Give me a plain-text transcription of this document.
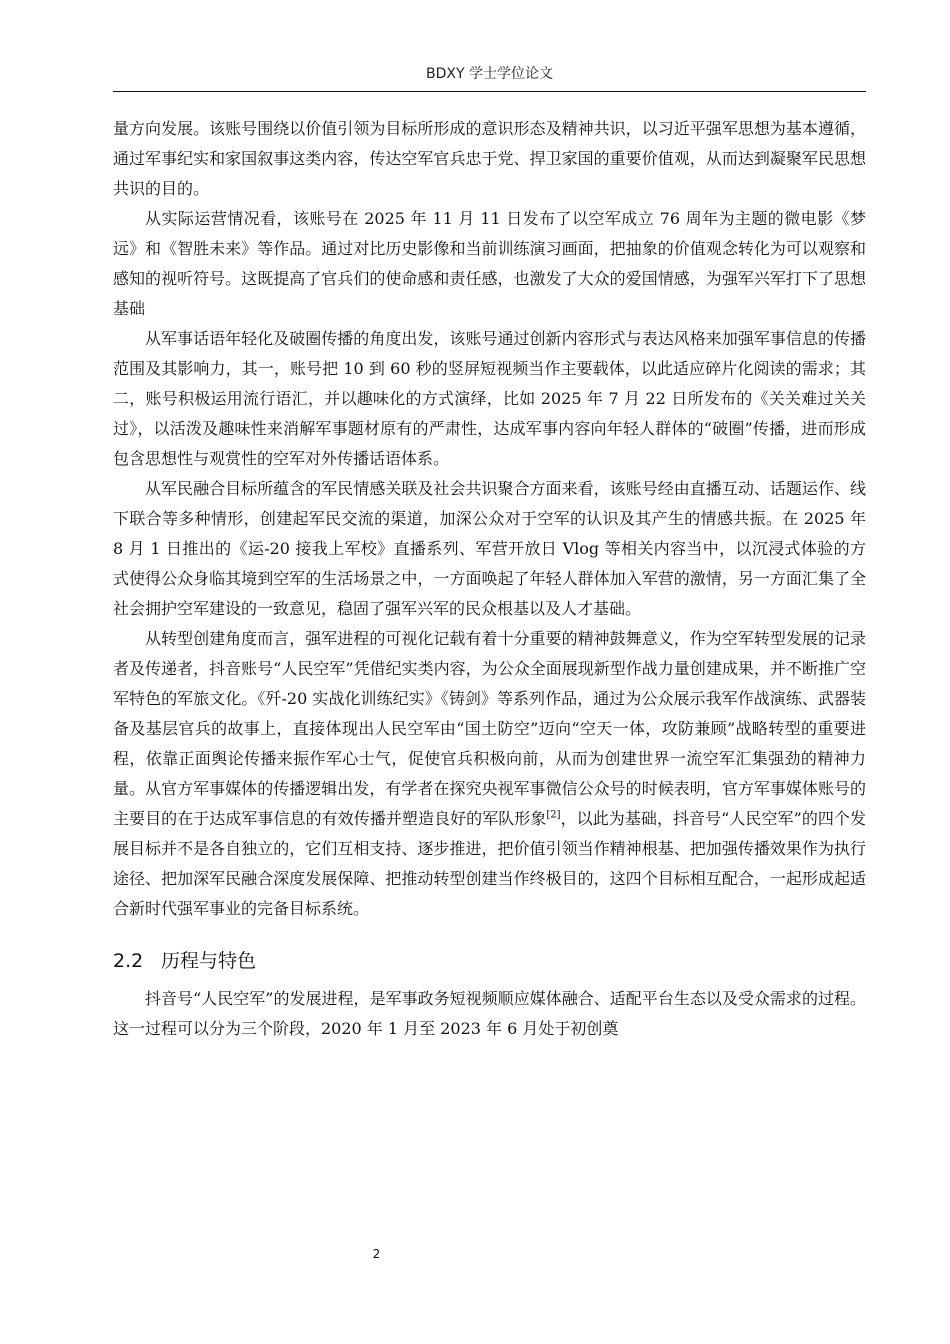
BDXY 学士学位论文

量方向发展。该账号围绕以价值引领为目标所形成的意识形态及精神共识，以习近平强军思想为基本遵循，通过军事纪实和家国叙事这类内容，传达空军官兵忠于党、捍卫家国的重要价值观，从而达到凝聚军民思想共识的目的。

从实际运营情况看，该账号在 2025 年 11 月 11 日发布了以空军成立 76 周年为主题的微电影《梦远》和《智胜未来》等作品。通过对比历史影像和当前训练演习画面，把抽象的价值观念转化为可以观察和感知的视听符号。这既提高了官兵们的使命感和责任感，也激发了大众的爱国情感，为强军兴军打下了思想基础

从军事话语年轻化及破圈传播的角度出发，该账号通过创新内容形式与表达风格来加强军事信息的传播范围及其影响力，其一，账号把 10 到 60 秒的竖屏短视频当作主要载体，以此适应碎片化阅读的需求；其二，账号积极运用流行语汇，并以趣味化的方式演绎，比如 2025 年 7 月 22 日所发布的《关关难过关关过》，以活泼及趣味性来消解军事题材原有的严肃性，达成军事内容向年轻人群体的“破圈”传播，进而形成包含思想性与观赏性的空军对外传播话语体系。

从军民融合目标所蕴含的军民情感关联及社会共识聚合方面来看，该账号经由直播互动、话题运作、线下联合等多种情形，创建起军民交流的渠道，加深公众对于空军的认识及其产生的情感共振。在 2025 年 8 月 1 日推出的《运-20 接我上军校》直播系列、军营开放日 Vlog 等相关内容当中，以沉浸式体验的方式使得公众身临其境到空军的生活场景之中，一方面唤起了年轻人群体加入军营的激情，另一方面汇集了全社会拥护空军建设的一致意见，稳固了强军兴军的民众根基以及人才基础。

从转型创建角度而言，强军进程的可视化记载有着十分重要的精神鼓舞意义，作为空军转型发展的记录者及传递者，抖音账号“人民空军”凭借纪实类内容，为公众全面展现新型作战力量创建成果，并不断推广空军特色的军旅文化。《歼-20 实战化训练纪实》《铸剑》等系列作品，通过为公众展示我军作战演练、武器装备及基层官兵的故事上，直接体现出人民空军由“国土防空”迈向“空天一体，攻防兼顾”战略转型的重要进程，依靠正面舆论传播来振作军心士气，促使官兵积极向前，从而为创建世界一流空军汇集强劲的精神力量。从官方军事媒体的传播逻辑出发，有学者在探究央视军事微信公众号的时候表明，官方军事媒体账号的主要目的在于达成军事信息的有效传播并塑造良好的军队形象[2]，以此为基础，抖音号“人民空军”的四个发展目标并不是各自独立的，它们互相支持、逐步推进，把价值引领当作精神根基、把加强传播效果作为执行途径、把加深军民融合深度发展保障、把推动转型创建当作终极目的，这四个目标相互配合，一起形成起适合新时代强军事业的完备目标系统。

2.2 历程与特色

抖音号“人民空军”的发展进程，是军事政务短视频顺应媒体融合、适配平台生态以及受众需求的过程。这一过程可以分为三个阶段，2020 年 1 月至 2023 年 6 月处于初创奠

2
